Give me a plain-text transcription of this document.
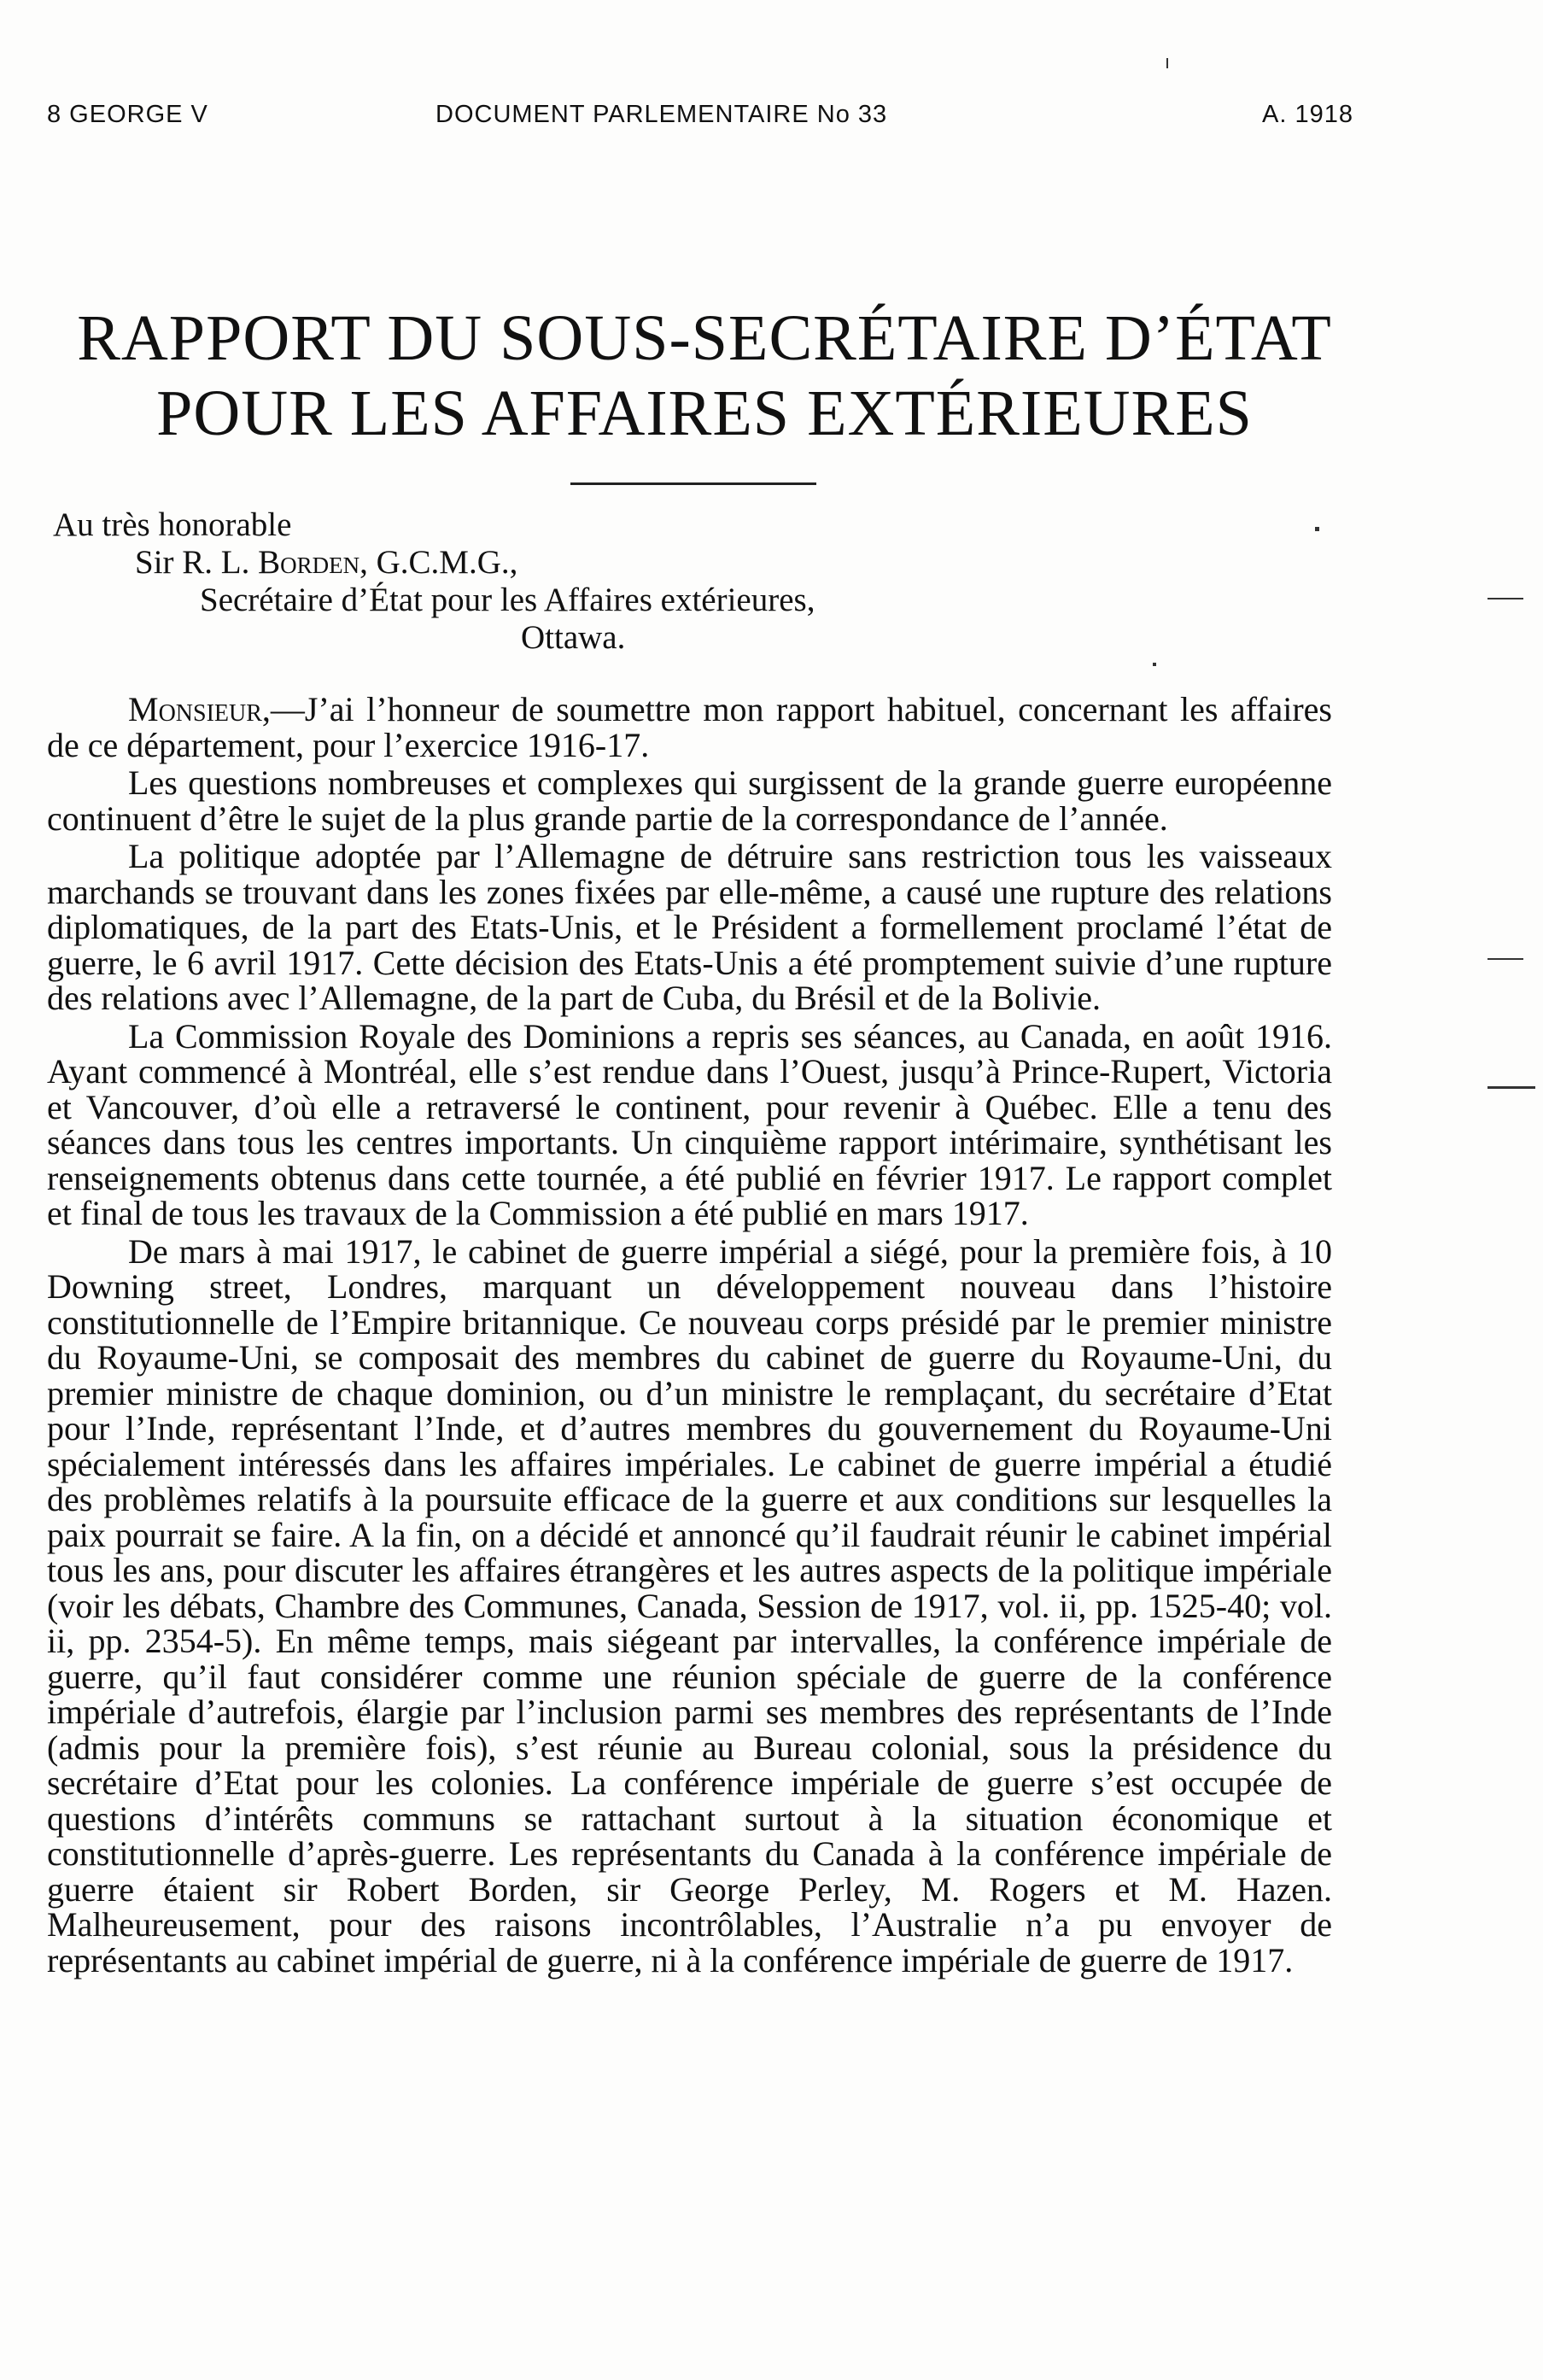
8 GEORGE V	DOCUMENT PARLEMENTAIRE No 33	A. 1918
RAPPORT DU SOUS-SECRÉTAIRE D’ÉTAT
POUR LES AFFAIRES EXTÉRIEURES
Au très honorable
Sir R. L. Borden, G.C.M.G.,
Secrétaire d’État pour les Affaires extérieures,
Ottawa.

Monsieur,—J’ai l’honneur de soumettre mon rapport habituel, concernant les affaires de ce département, pour l’exercice 1916-17.

Les questions nombreuses et complexes qui surgissent de la grande guerre européenne continuent d’être le sujet de la plus grande partie de la correspondance de l’année.

La politique adoptée par l’Allemagne de détruire sans restriction tous les vaisseaux marchands se trouvant dans les zones fixées par elle-même, a causé une rupture des relations diplomatiques, de la part des Etats-Unis, et le Président a formellement proclamé l’état de guerre, le 6 avril 1917. Cette décision des Etats-Unis a été promptement suivie d’une rupture des relations avec l’Allemagne, de la part de Cuba, du Brésil et de la Bolivie.

La Commission Royale des Dominions a repris ses séances, au Canada, en août 1916. Ayant commencé à Montréal, elle s’est rendue dans l’Ouest, jusqu’à Prince-Rupert, Victoria et Vancouver, d’où elle a retraversé le continent, pour revenir à Québec. Elle a tenu des séances dans tous les centres importants. Un cinquième rapport intérimaire, synthétisant les renseignements obtenus dans cette tournée, a été publié en février 1917. Le rapport complet et final de tous les travaux de la Commission a été publié en mars 1917.

De mars à mai 1917, le cabinet de guerre impérial a siégé, pour la première fois, à 10 Downing street, Londres, marquant un développement nouveau dans l’histoire constitutionnelle de l’Empire britannique. Ce nouveau corps présidé par le premier ministre du Royaume-Uni, se composait des membres du cabinet de guerre du Royaume-Uni, du premier ministre de chaque dominion, ou d’un ministre le remplaçant, du secrétaire d’Etat pour l’Inde, représentant l’Inde, et d’autres membres du gouvernement du Royaume-Uni spécialement intéressés dans les affaires impériales. Le cabinet de guerre impérial a étudié des problèmes relatifs à la poursuite efficace de la guerre et aux conditions sur lesquelles la paix pourrait se faire. A la fin, on a décidé et annoncé qu’il faudrait réunir le cabinet impérial tous les ans, pour discuter les affaires étrangères et les autres aspects de la politique impériale (voir les débats, Chambre des Communes, Canada, Session de 1917, vol. ii, pp. 1525-40; vol. ii, pp. 2354-5). En même temps, mais siégeant par intervalles, la conférence impériale de guerre, qu’il faut considérer comme une réunion spéciale de guerre de la conférence impériale d’autrefois, élargie par l’inclusion parmi ses membres des représentants de l’Inde (admis pour la première fois), s’est réunie au Bureau colonial, sous la présidence du secrétaire d’Etat pour les colonies. La conférence impériale de guerre s’est occupée de questions d’intérêts communs se rattachant surtout à la situation économique et constitutionnelle d’après-guerre. Les représentants du Canada à la conférence impériale de guerre étaient sir Robert Borden, sir George Perley, M. Rogers et M. Hazen. Malheureusement, pour des raisons incontrôlables, l’Australie n’a pu envoyer de représentants au cabinet impérial de guerre, ni à la conférence impériale de guerre de 1917.
